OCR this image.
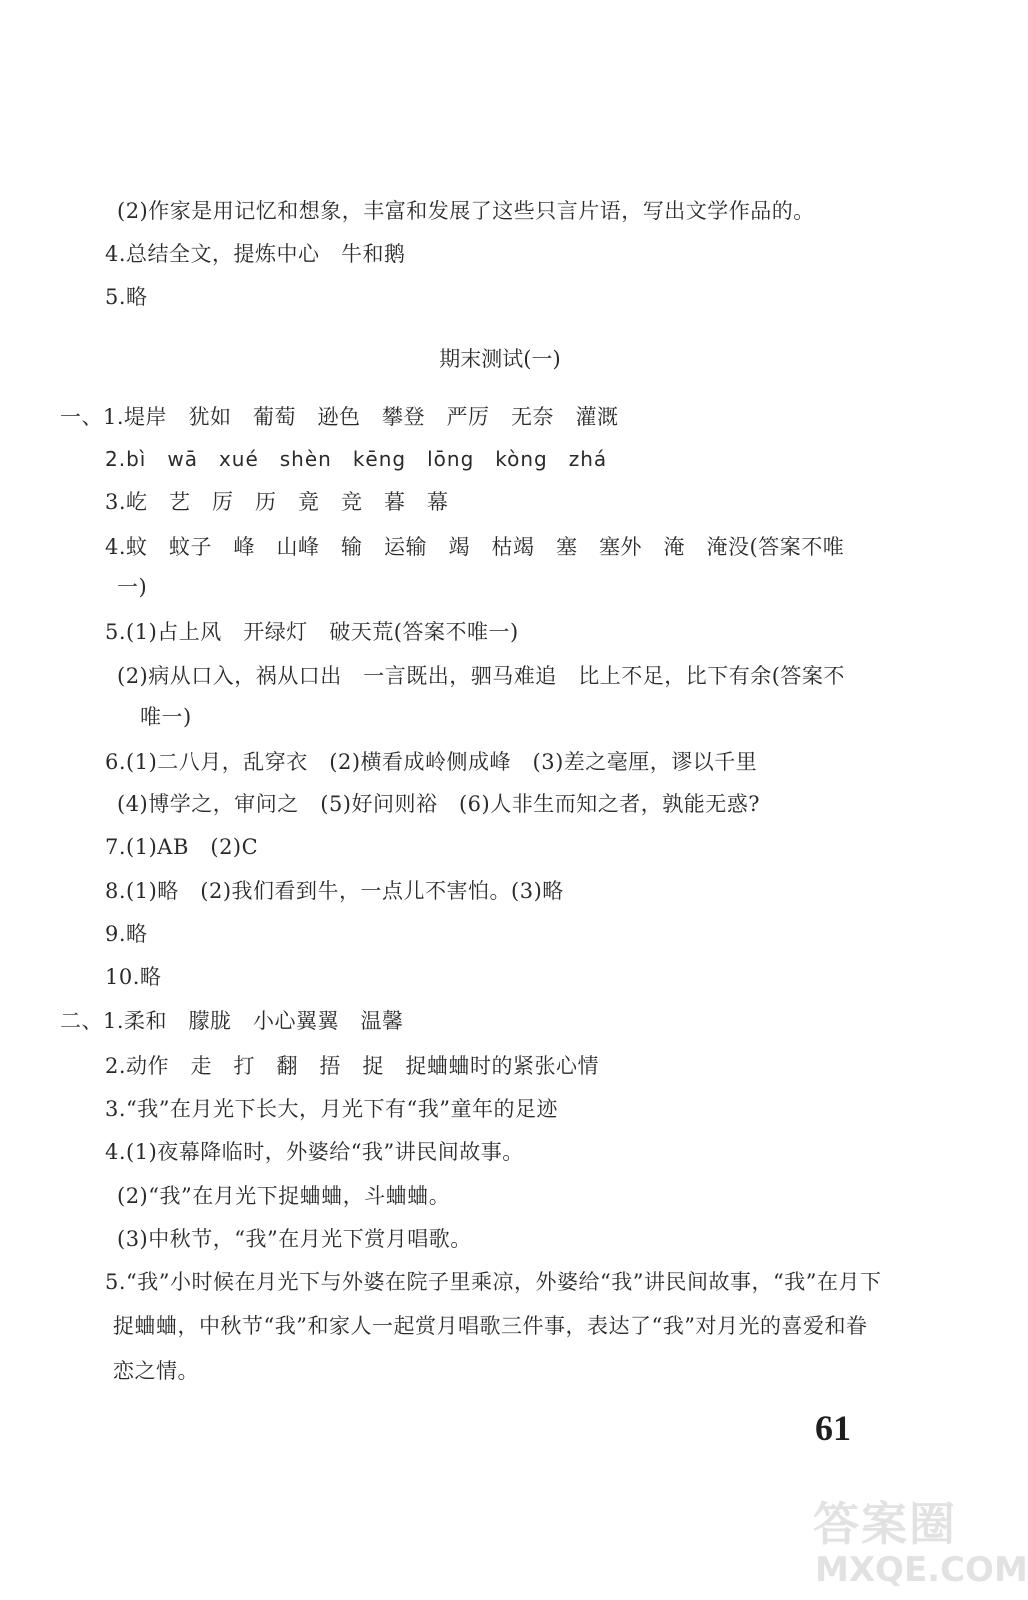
(2)作家是用记忆和想象，丰富和发展了这些只言片语，写出文学作品的。
4.总结全文，提炼中心　牛和鹅
5.略
期末测试(一)
一、1.堤岸　犹如　葡萄　逊色　攀登　严厉　无奈　灌溉
2.bì　wā　xué　shèn　kēng　lōng　kòng　zhá
3.屹　艺　厉　历　竟　竞　暮　幕
4.蚊　蚊子　峰　山峰　输　运输　竭　枯竭　塞　塞外　淹　淹没(答案不唯
一)
5.(1)占上风　开绿灯　破天荒(答案不唯一)
(2)病从口入，祸从口出　一言既出，驷马难追　比上不足，比下有余(答案不
唯一)
6.(1)二八月，乱穿衣　(2)横看成岭侧成峰　(3)差之毫厘，谬以千里
(4)博学之，审问之　(5)好问则裕　(6)人非生而知之者，孰能无惑?
7.(1)AB　(2)C
8.(1)略　(2)我们看到牛，一点儿不害怕。(3)略
9.略
10.略
二、1.柔和　朦胧　小心翼翼　温馨
2.动作　走　打　翻　捂　捉　捉蛐蛐时的紧张心情
3.“我”在月光下长大，月光下有“我”童年的足迹
4.(1)夜幕降临时，外婆给“我”讲民间故事。
(2)“我”在月光下捉蛐蛐，斗蛐蛐。
(3)中秋节，“我”在月光下赏月唱歌。
5.“我”小时候在月光下与外婆在院子里乘凉，外婆给“我”讲民间故事，“我”在月下
捉蛐蛐，中秋节“我”和家人一起赏月唱歌三件事，表达了“我”对月光的喜爱和眷
恋之情。
61
答案圈
MXQE.COM
